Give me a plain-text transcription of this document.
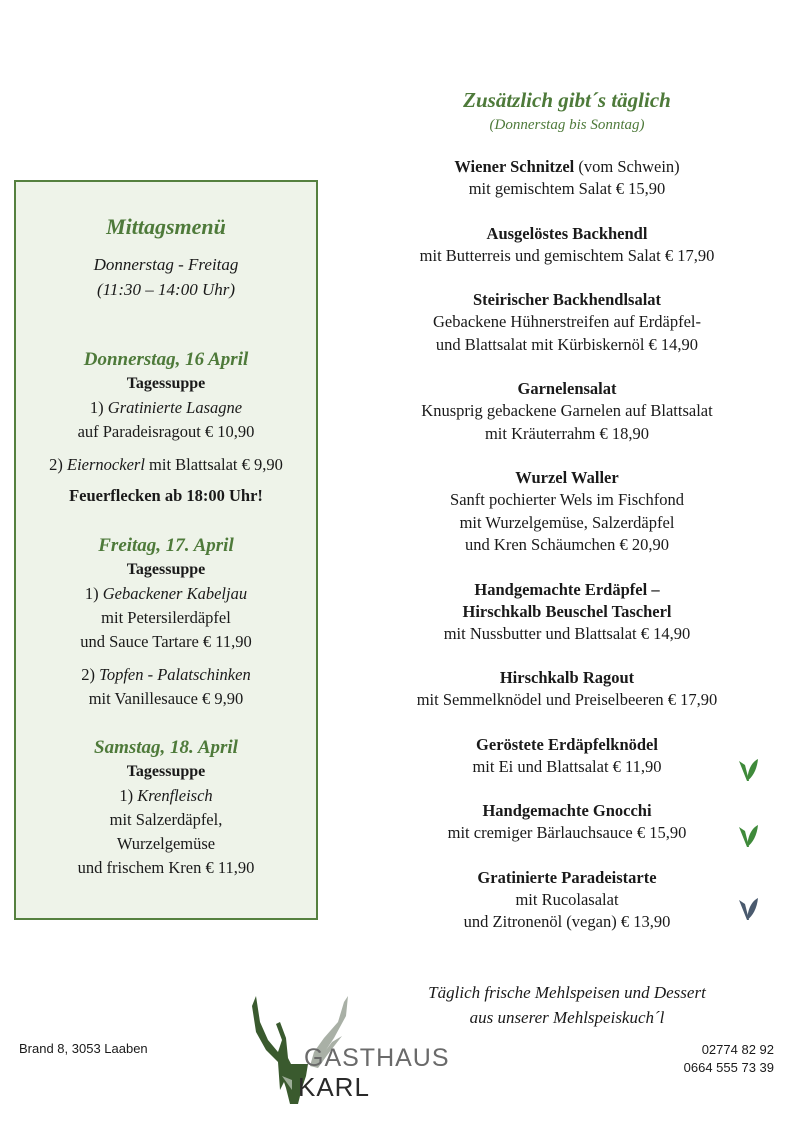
Mittagsmenü
Donnerstag - Freitag
(11:30 – 14:00 Uhr)
Donnerstag, 16 April
Tagessuppe
1) Gratinierte Lasagne
auf Paradeisragout € 10,90
2) Eiernockerl mit Blattsalat € 9,90
Feuerflecken ab 18:00 Uhr!
Freitag, 17. April
Tagessuppe
1) Gebackener Kabeljau
mit Petersilerdäpfel
und Sauce Tartare € 11,90
2) Topfen - Palatschinken
mit Vanillesauce € 9,90
Samstag, 18. April
Tagessuppe
1) Krenfleisch
mit Salzerdäpfel,
Wurzelgemüse
und frischem Kren € 11,90
Zusätzlich gibt´s täglich
(Donnerstag bis Sonntag)
Wiener Schnitzel (vom Schwein)
mit gemischtem Salat € 15,90
Ausgelöstes Backhendl
mit Butterreis und gemischtem Salat € 17,90
Steirischer Backhendlsalat
Gebackene Hühnerstreifen auf Erdäpfel-
und Blattsalat mit Kürbiskernöl € 14,90
Garnelensalat
Knusprig gebackene Garnelen auf Blattsalat
mit Kräuterrahm € 18,90
Wurzel Waller
Sanft pochierter Wels im Fischfond
mit Wurzelgemüse, Salzerdäpfel
und Kren Schäumchen € 20,90
Handgemachte Erdäpfel –
Hirschkalb Beuschel Tascherl
mit Nussbutter und Blattsalat € 14,90
Hirschkalb Ragout
mit Semmelknödel und Preiselbeeren € 17,90
Geröstete Erdäpfelknödel
mit Ei und Blattsalat € 11,90
Handgemachte Gnocchi
mit cremiger Bärlauchsauce € 15,90
Gratinierte Paradeistarte
mit Rucolasalat
und Zitronenöl (vegan) € 13,90
Täglich frische Mehlspeisen und Dessert
aus unserer Mehlspeiskuch´l
Brand 8, 3053 Laaben	02774 82 92
0664 555 73 39
GASTHAUS
KARL
